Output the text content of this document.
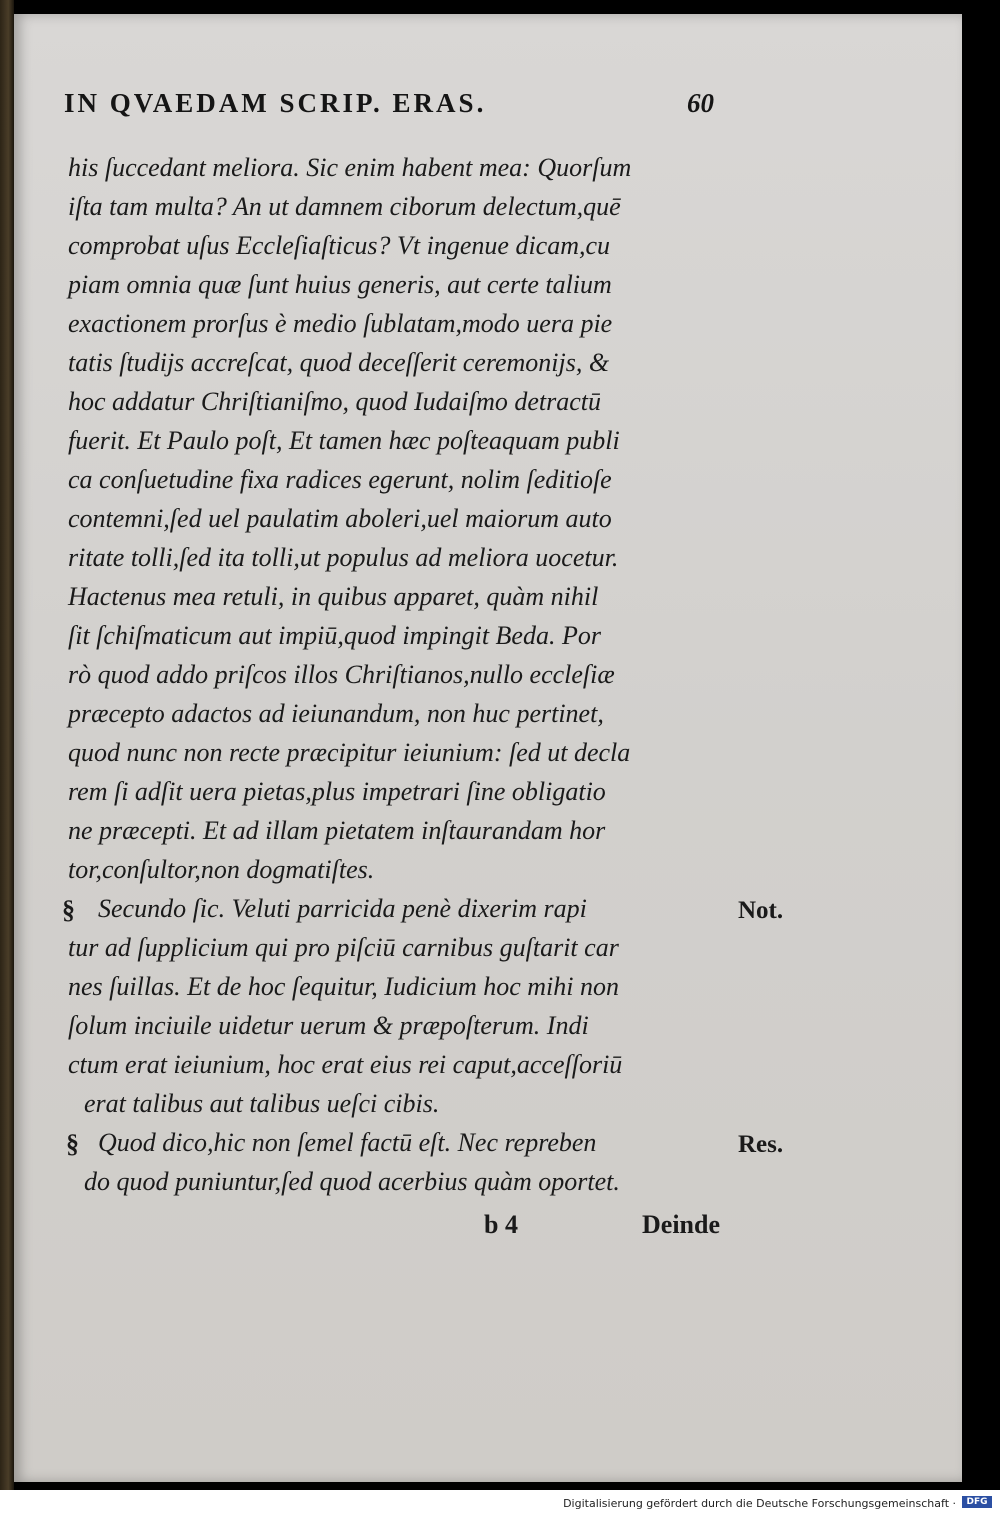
IN QVAEDAM SCRIP. ERAS.	60
his ſuccedant meliora. Sic enim habent mea: Quorſum
iſta tam multa? An ut damnem ciborum delectum,quē
comprobat uſus Eccleſiaſticus? Vt ingenue dicam,cu
piam omnia quæ ſunt huius generis, aut certe talium
exactionem prorſus è medio ſublatam,modo uera pie
tatis ſtudijs accreſcat, quod deceſſerit ceremonijs, &
hoc addatur Chriſtianiſmo, quod Iudaiſmo detractū
fuerit. Et Paulo poſt, Et tamen hæc poſteaquam publi
ca conſuetudine fixa radices egerunt, nolim ſeditioſe
contemni,ſed uel paulatim aboleri,uel maiorum auto
ritate tolli,ſed ita tolli,ut populus ad meliora uocetur.
Hactenus mea retuli, in quibus apparet, quàm nihil
ſit ſchiſmaticum aut impiū,quod impingit Beda. Por
rò quod addo priſcos illos Chriſtianos,nullo eccleſiæ
præcepto adactos ad ieiunandum, non huc pertinet,
quod nunc non recte præcipitur ieiunium: ſed ut decla
rem ſi adſit uera pietas,plus impetrari ſine obligatio
ne præcepti. Et ad illam pietatem inſtaurandam hor
tor,conſultor,non dogmatiſtes.
Secundo ſic. Veluti parricida penè dixerim rapi
tur ad ſupplicium qui pro piſciū carnibus guſtarit car
nes ſuillas. Et de hoc ſequitur, Iudicium hoc mihi non
ſolum inciuile uidetur uerum & præpoſterum. Indi
ctum erat ieiunium, hoc erat eius rei caput,acceſſoriū
erat talibus aut talibus ueſci cibis.
Quod dico,hic non ſemel factū eſt. Nec repreben
do quod puniuntur,ſed quod acerbius quàm oportet.
§
§
Not.
Res.
b 4	Deinde
Digitalisierung gefördert durch die Deutsche Forschungsgemeinschaft ·	DFG
